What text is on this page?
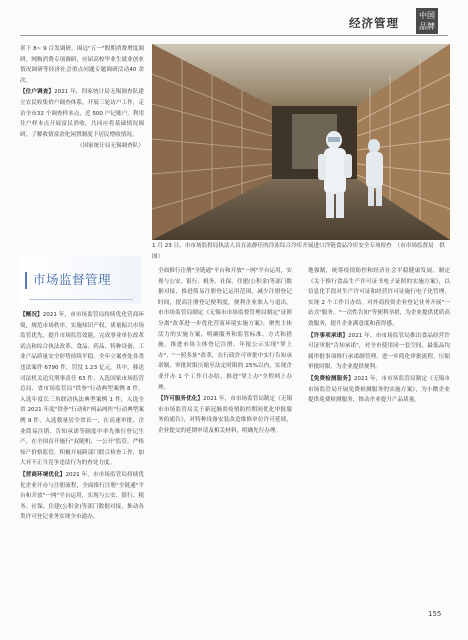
经济管理
中国
品牌

率下 8~ 9 百发调研，围远"五一"假期消费增度调研，网购消费专项调研，应届高校毕业生就业创业情况调研等经济社会重点问题专题调研活动40 余次。

【住户调查】2021 年，四家统计局无锡调查队建立农民收集价户调查体系，开展三轮访户工作，走访全市32 个调查样本点，近 500 户记账户。利用住户样本点开展富民消收，共同应将基础情况调研，了解收情富余化闲置制度下居民增收情况。

（国家统计局无锡调查队）

1 月 23 日，市市场监督局执法人员在冻静佳肉冷冻综合冷库开展进口冷链食品冷库安全专项检查　（市市场监督局　供图）
市场监督管理

【概况】2021 年，市市场监管局持续优化营商环境，规范市场秩序，实施知识产权，质量振兴市场监管优先，提升市场监管效能，完成事业单位改革试点和综合执法改革、食品、药品、特种设备、工业产品质量安全形势持续平稳。全年立案查处各类违法案件 6790 件，罚没 1.23 亿元。其中，移送司法机关追究刑事责任 63 件，入选国家市场监管总局、省市场监管局"铁拳"行动典型案例 8 件，入选年度长三角联动执法典型案例 1 件，入选全省 2021 年度"铁拳"行动和"两品两医"行动典型案例 9 件，入选数量居全省首一，在高速审批、企业简易注销、告知承诺等制度中率先推行登记生产，在全国首开施行"双随机、一公开"监管，严格知产价格监管，积极开展跨部门联合检查工作，加大对不正当竞争违法行为的查处力度。

【营商环境优化】2021 年，市市场监管局持续优化企业开办与注册流程，全面推行注册"全链通"平台和开放"一网"平台运用，实现与公安、银行、税务、社保、住建(公积金)等部门数据对接，推动各类许可登记业务实现全市通办。

全面推行注册"全链通"平台和开放"一网"平台运用，实现与公安、银行、税务、社保、住建(公积金)等部门数据对接，推进简易注册登记运用范围，减少注册登记时间，提高注册登记便利度，便利企业准入与退出。市市场监管局制定《无锡市市场监督管理局制定"证照分离"改革进一步优化营商环境实施方案》，聚焦主体活力的实施方案，明确服务和监管标准、方式和措施，推进市场主体登记注册、年报公示实现"掌上办"，"一照多址"改革，在行政许可审批中实行告知承诺制，审批时限压缩至法定时限的 25%以内，实现企业开办 1 个工作日办结，推进"掌上办"全程网上办理。

【许可服务优化】2021 年，市市场监管局制定《无锡市市场监管局关于新冠肺炎疫情防控期间优化审批服务的通告》，对特种设备安装改造维修单位许可延续，企业提交的延期申请及相关材料，明确先行办理。

地强制，统筹疫情防控和经济社会平稳健康发展。制定《关于推行食品生产许可证书电子证照的实施方案》，以信息化手段对生产许可证和经营许可证施行电子化管理，实现 2 个工作日办结。对外商投资企业登记业务开展"一站式"服务、"一次性告知"等便利举措，为企业提供优质高效服务，提升企业满意度和获得感。

【许事项承诺】2021 年，市市场监管局推出食品经营许可证审批"告知承诺"，对全市使用同一套空间，最低品均属审批事项推行承诺制管理，进一步简化审批流程，压缩审批时限，为企业提供便利。

【免费检测服务】2021 年，市市场监管局制定《无锡市市场监管局开展免费检测服务的实施方案》，为小微企业提供免费检测服务，推动企业提升产品质量。

155
